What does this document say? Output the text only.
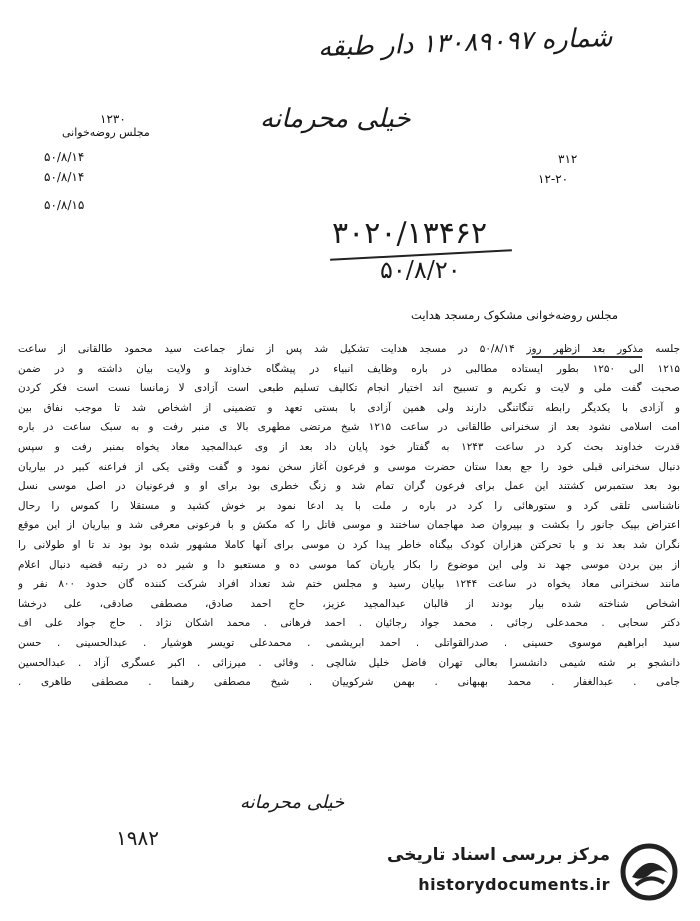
شماره ۱۳۰۸۹۰۹۷ دار طبقه
خیلی محرمانه
۱۲۳۰
مجلس روضه‌خوانی
۵۰/۸/۱۴
۵۰/۸/۱۴
۵۰/۸/۱۵
۳۱۲
۱۲-۲۰
۳۰۲۰/۱۳۴۶۲
۵۰/۸/۲۰
مجلس روضه‌خوانی مشکوک رمسجد هدایت
جلسه مذکور بعد ازظهر روز ۵۰/۸/۱۴ در مسجد هدایت تشکیل شد پس از نماز جماعت سید محمود طالقانی از ساعت
۱۲۱۵ الی ۱۲۵۰ بطور ایستاده مطالبی در باره وظایف انبیاء در پیشگاه خداوند و ولایت بیان داشته و در ضمن
صحبت گفت ملی و لایت و تکریم و تسبیح اند اختیار انجام تکالیف تسلیم طبعی است آزادی لا زمانسا نست است فکر کردن
و آزادی با یکدیگر رابطه تنگاتنگی دارند ولی همین آزادی با بستی تعهد و تضمینی از اشخاص شد تا موجب نفاق بین
امت اسلامی نشود بعد از سخنرانی طالقانی در ساعت ۱۲۱۵ شیخ مرتضی مطهری بالا ی منبر رفت و به سبک ساعت در باره
قدرت خداوند بحث کرد در ساعت ۱۲۴۳ به گفتار خود پایان داد بعد از وی عبدالمجید معاد یخواه بمنبر رفت و سپس
دنبال سخنرانی قبلی خود را جع بعدا ستان حضرت موسی و فرعون آغاز سخن نمود و گفت وقتی یکی از فراعنه کبیر در بیاریان
بود بعد ستمبرس کشتند این عمل برای فرعون گران تمام شد و زنگ خطری بود برای او و فرعونیان در اصل موسی نسل
ناشناسی تلقی کرد و ستورهائی را کرد در باره ر ملت با ید ادعا نمود بر خوش کشید و مستقلا را کموس را رحال
اعتراض بپیک جانور را بکشت و بپیروان صد مهاجمان ساختند و موسی قاتل را که مکش و با فرعونی معرفی شد و بیاریان از این موقع
نگران شد بعد ند و با تحرکتن هزاران کودک بیگناه خاطر پیدا کرد ن موسی برای آنها کاملا مشهور شده بود بود ند تا او طولانی را
از بین بردن موسی جهد ند ولی این موضوع را بکار یاریان کما موسی ده و مستعبو دا و شیر ده در رتبه قضیه دنبال اعلام
مانند سخنرانی معاد یخواه در ساعت ۱۲۴۴ بپایان رسید و مجلس ختم شد تعداد افراد شرکت کننده گان حدود ۸۰۰ نفر و
اشخاص شناخته شده بیار بودند از قالبان عبدالمجید عزیز، حاج احمد صادق، مصطفی صادقی، علی درخشا
دکتر سحابی . محمدعلی رجائی . محمد جواد رجائیان . احمد فرهانی . محمد اشکان نژاد . حاج جواد علی اف
سید ابراهیم موسوی حسینی . صدرالقواتلی . احمد ابریشمی . محمدعلی تویسر هوشیار . عبدالحسینی . حسن
دانشجو بر شته شیمی دانشسرا بعالی تهران فاضل خلیل شالچی . وفائی . میرزائی . اکبر عسگری آزاد . عبدالحسین
جامی . عبدالغفار . محمد بهبهانی . بهمن شرکوییان . شیخ مصطفی رهنما . مصطفی طاهری .
خیلی محرمانه
۱۹۸۲
مرکز بررسی اسناد تاریخی
historydocuments.ir
